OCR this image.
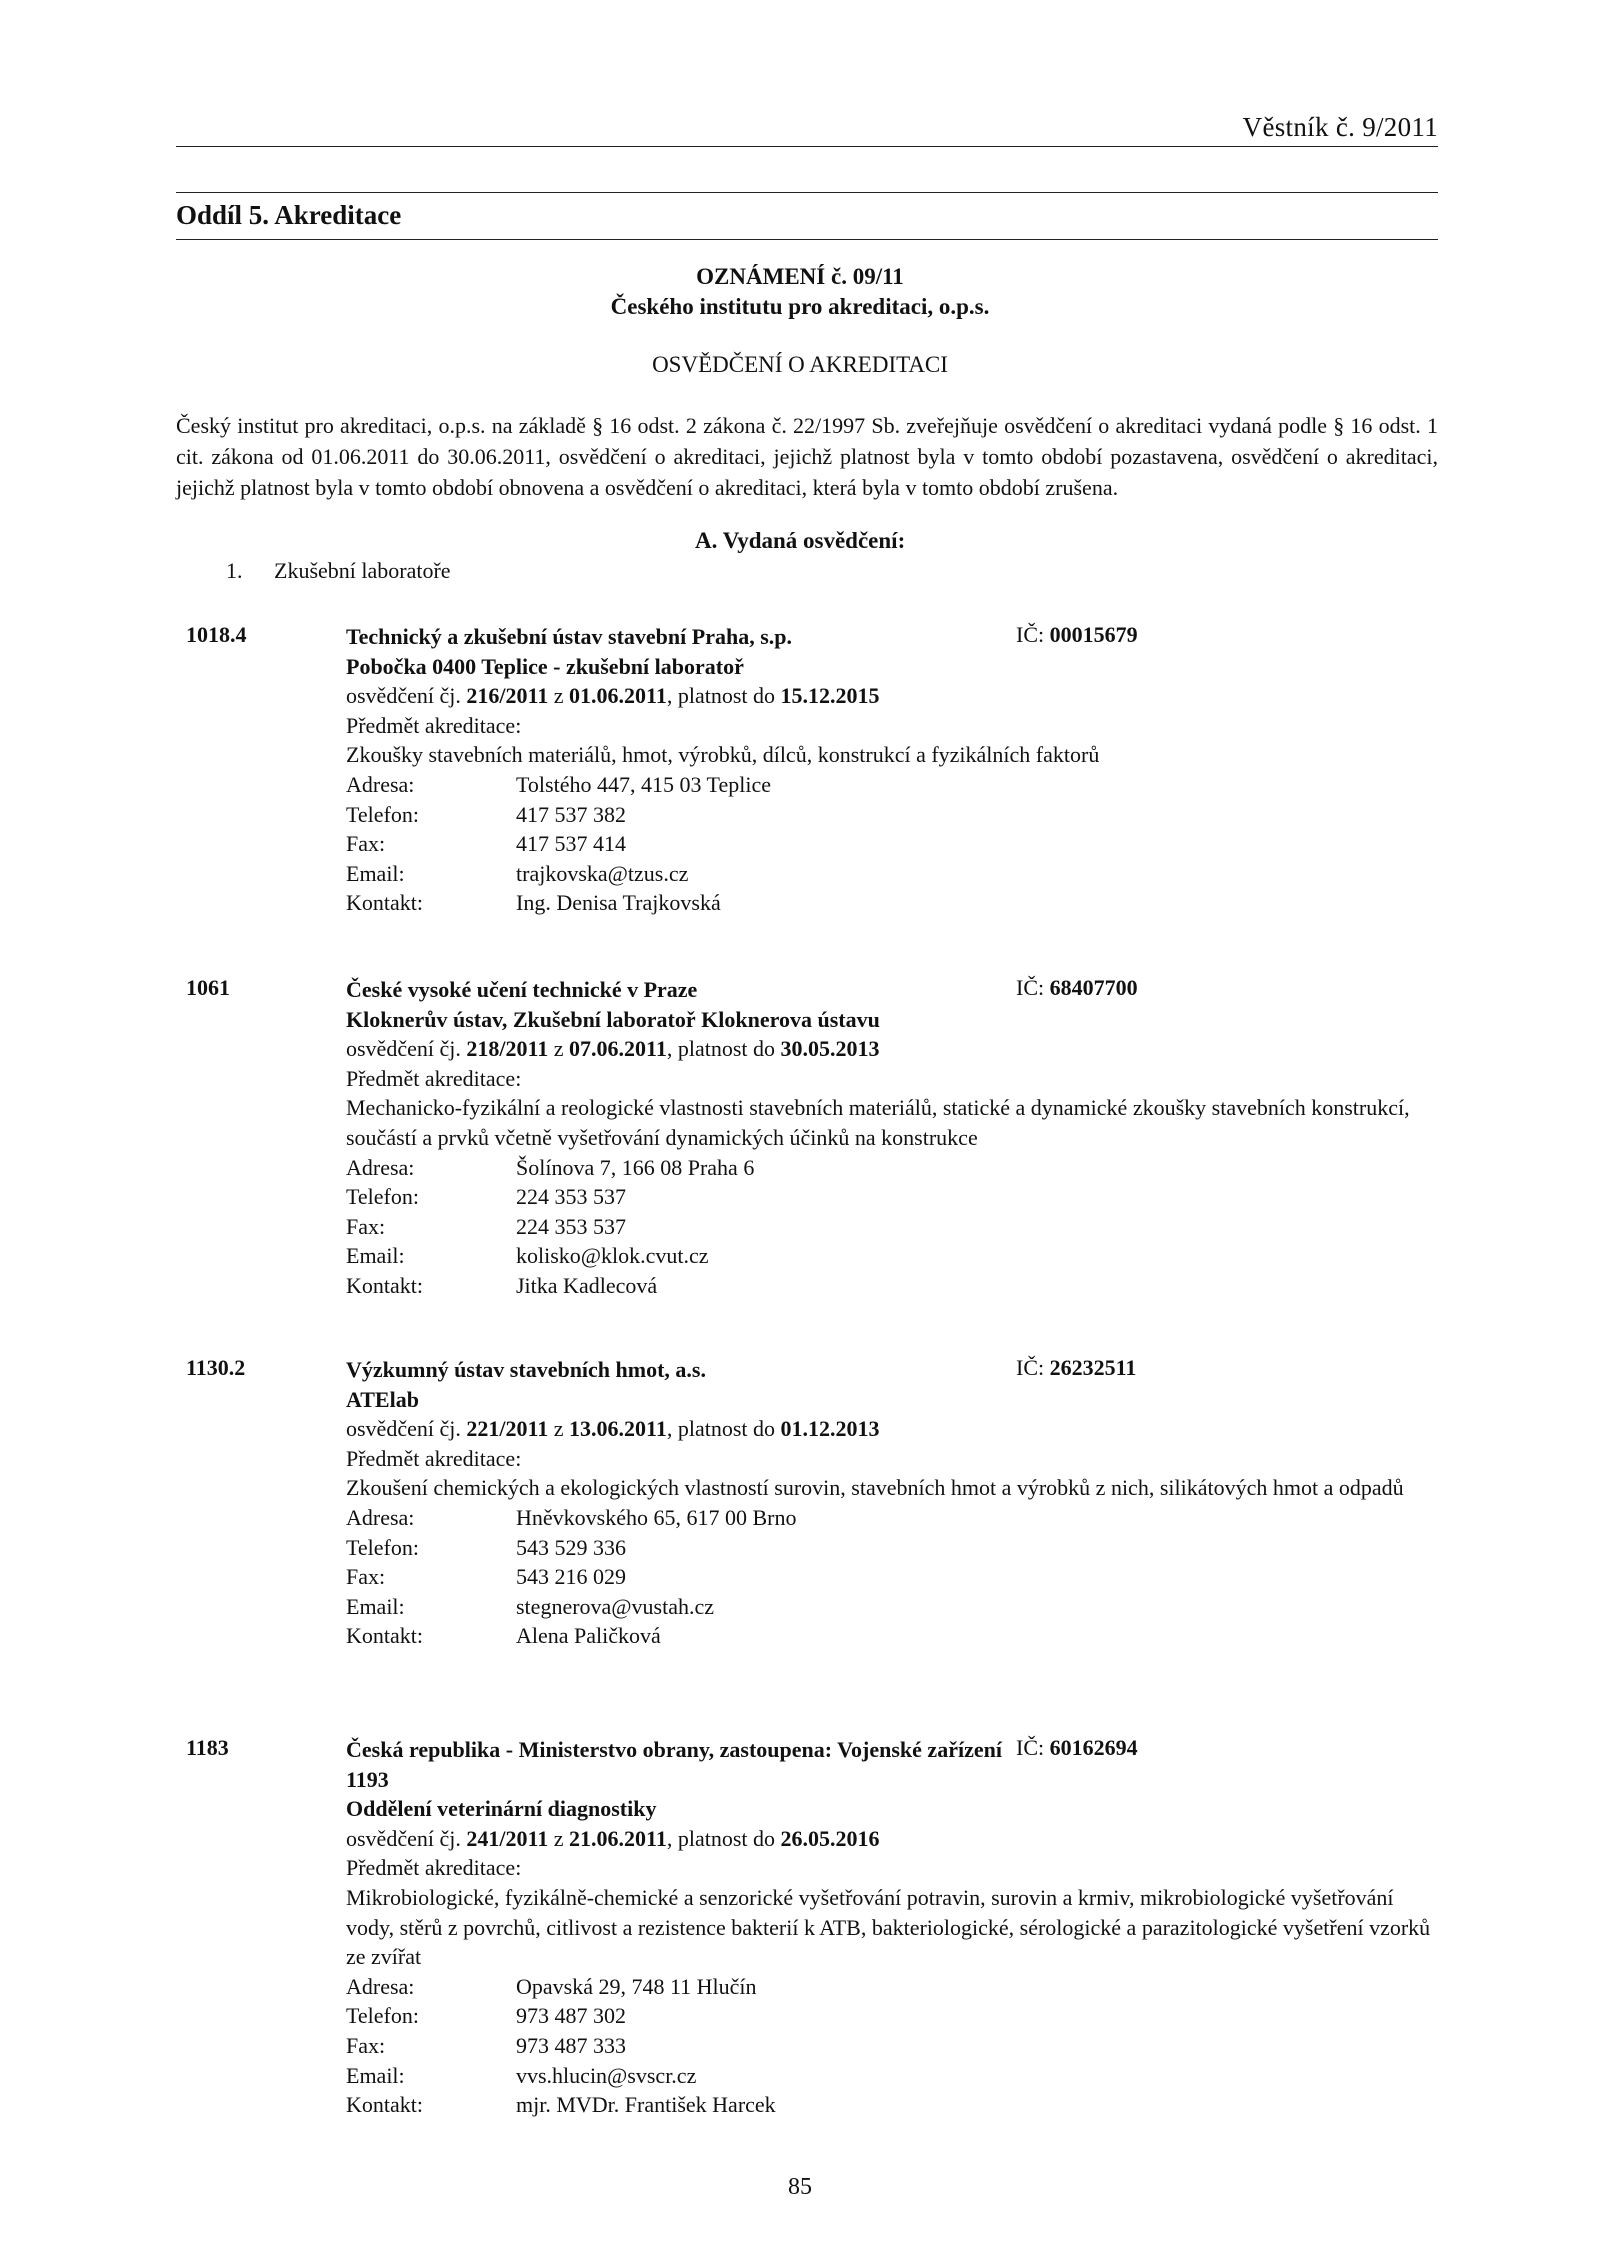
Věstník č. 9/2011
Oddíl 5. Akreditace
OZNÁMENÍ č. 09/11
Českého institutu pro akreditaci, o.p.s.
OSVĚDČENÍ O AKREDITACI
Český institut pro akreditaci, o.p.s. na základě § 16 odst. 2 zákona č. 22/1997 Sb. zveřejňuje osvědčení o akreditaci vydaná podle § 16 odst. 1 cit. zákona od 01.06.2011 do 30.06.2011, osvědčení o akreditaci, jejichž platnost byla v tomto období pozastavena, osvědčení o akreditaci, jejichž platnost byla v tomto období obnovena a osvědčení o akreditaci, která byla v tomto období zrušena.
A. Vydaná osvědčení:
1. Zkušební laboratoře
1018.4	IČ: 00015679
Technický a zkušební ústav stavební Praha, s.p.
Pobočka 0400 Teplice - zkušební laboratoř
osvědčení čj. 216/2011 z 01.06.2011, platnost do 15.12.2015
Předmět akreditace:
Zkoušky stavebních materiálů, hmot, výrobků, dílců, konstrukcí a fyzikálních faktorů
Adresa:	Tolstého 447, 415 03 Teplice
Telefon:	417 537 382
Fax:	417 537 414
Email:	trajkovska@tzus.cz
Kontakt:	Ing. Denisa Trajkovská
1061	IČ: 68407700
České vysoké učení technické v Praze
Kloknerův ústav, Zkušební laboratoř Kloknerova ústavu
osvědčení čj. 218/2011 z 07.06.2011, platnost do 30.05.2013
Předmět akreditace:
Mechanicko-fyzikální a reologické vlastnosti stavebních materiálů, statické a dynamické zkoušky stavebních konstrukcí, součástí a prvků včetně vyšetřování dynamických účinků na konstrukce
Adresa:	Šolínova 7, 166 08 Praha 6
Telefon:	224 353 537
Fax:	224 353 537
Email:	kolisko@klok.cvut.cz
Kontakt:	Jitka Kadlecová
1130.2	IČ: 26232511
Výzkumný ústav stavebních hmot, a.s.
ATElab
osvědčení čj. 221/2011 z 13.06.2011, platnost do 01.12.2013
Předmět akreditace:
Zkoušení chemických a ekologických vlastností surovin, stavebních hmot a výrobků z nich, silikátových hmot a odpadů
Adresa:	Hněvkovského 65, 617 00 Brno
Telefon:	543 529 336
Fax:	543 216 029
Email:	stegnerova@vustah.cz
Kontakt:	Alena Paličková
1183	IČ: 60162694
Česká republika - Ministerstvo obrany, zastoupena: Vojenské zařízení 1193
Oddělení veterinární diagnostiky
osvědčení čj. 241/2011 z 21.06.2011, platnost do 26.05.2016
Předmět akreditace:
Mikrobiologické, fyzikálně-chemické a senzorické vyšetřování potravin, surovin a krmiv, mikrobiologické vyšetřování vody, stěrů z povrchů, citlivost a rezistence bakterií k ATB, bakteriologické, sérologické a parazitologické vyšetření vzorků ze zvířat
Adresa:	Opavská 29, 748 11 Hlučín
Telefon:	973 487 302
Fax:	973 487 333
Email:	vvs.hlucin@svscr.cz
Kontakt:	mjr. MVDr. František Harcek
85
